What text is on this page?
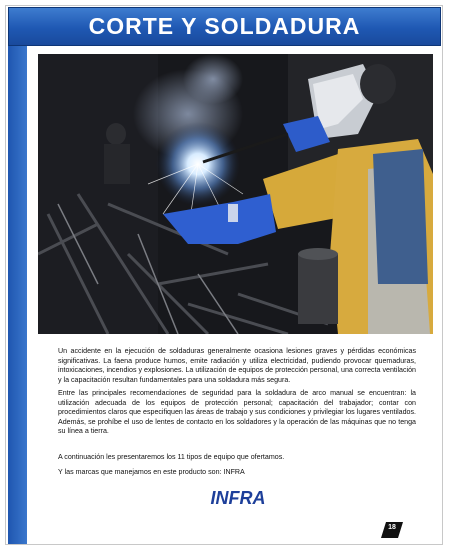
CORTE Y SOLDADURA

Un accidente en la ejecución de soldaduras generalmente ocasiona lesiones graves y pérdidas económicas significativas. La faena produce humos, emite radiación y utiliza electricidad, pudiendo provocar quemaduras, intoxicaciones, incendios y explosiones. La utilización de equipos de protección personal, una correcta ventilación y la capacitación resultan fundamentales para una soldadura más segura.

Entre las principales recomendaciones de seguridad para la soldadura de arco manual se encuentran: la utilización adecuada de los equipos de protección personal; capacitación del trabajador; contar con procedimientos claros que especifiquen las áreas de trabajo y sus condiciones y privilegiar los lugares ventilados. Además, se prohíbe el uso de lentes de contacto en los soldadores y la operación de las máquinas que no tenga su línea a tierra.

A continuación les presentaremos los 11 tipos de equipo que ofertamos.
Y las marcas que manejamos en este producto son: INFRA
INFRA
18
